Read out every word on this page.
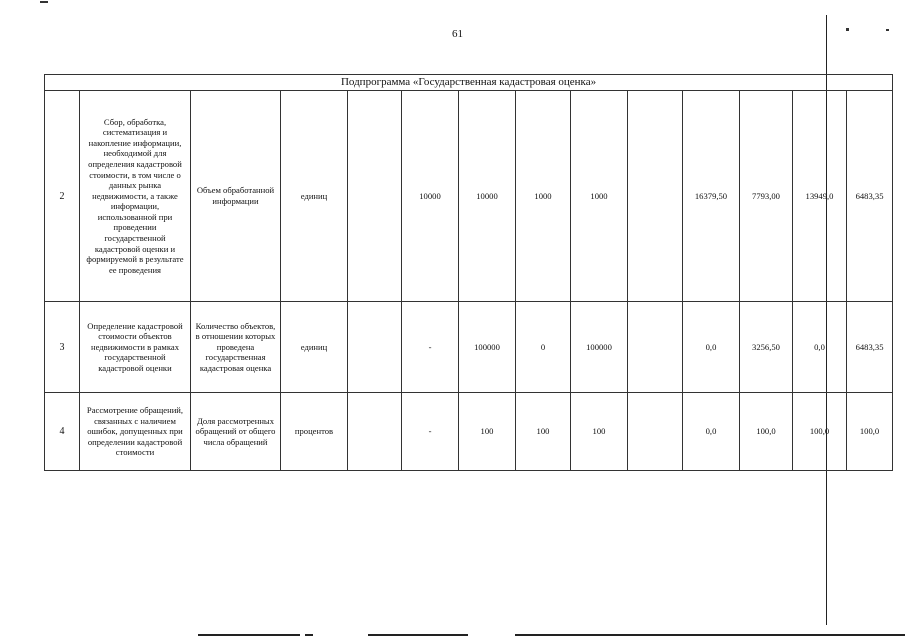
61
Подпрограмма «Государственная кадастровая оценка»													
2	Сбор, обработка, систематизация и накопление информации, необходимой для определения кадастровой стоимости, в том числе о данных рынка недвижимости, а также информации, использованной при проведении государственной кадастровой оценки и формируемой в результате ее проведения	Объем обработанной информации	единиц		10000	10000	1000	1000		16379,50	7793,00	13949,0	6483,35
3	Определение кадастровой стоимости объектов недвижимости в рамках государственной кадастровой оценки	Количество объектов, в отношении которых проведена государственная кадастровая оценка	единиц		-	100000	0	100000		0,0	3256,50	0,0	6483,35
4	Рассмотрение обращений, связанных с наличием ошибок, допущенных при определении кадастровой стоимости	Доля рассмотренных обращений от общего числа обращений	процентов		-	100	100	100		0,0	100,0	100,0	100,0
